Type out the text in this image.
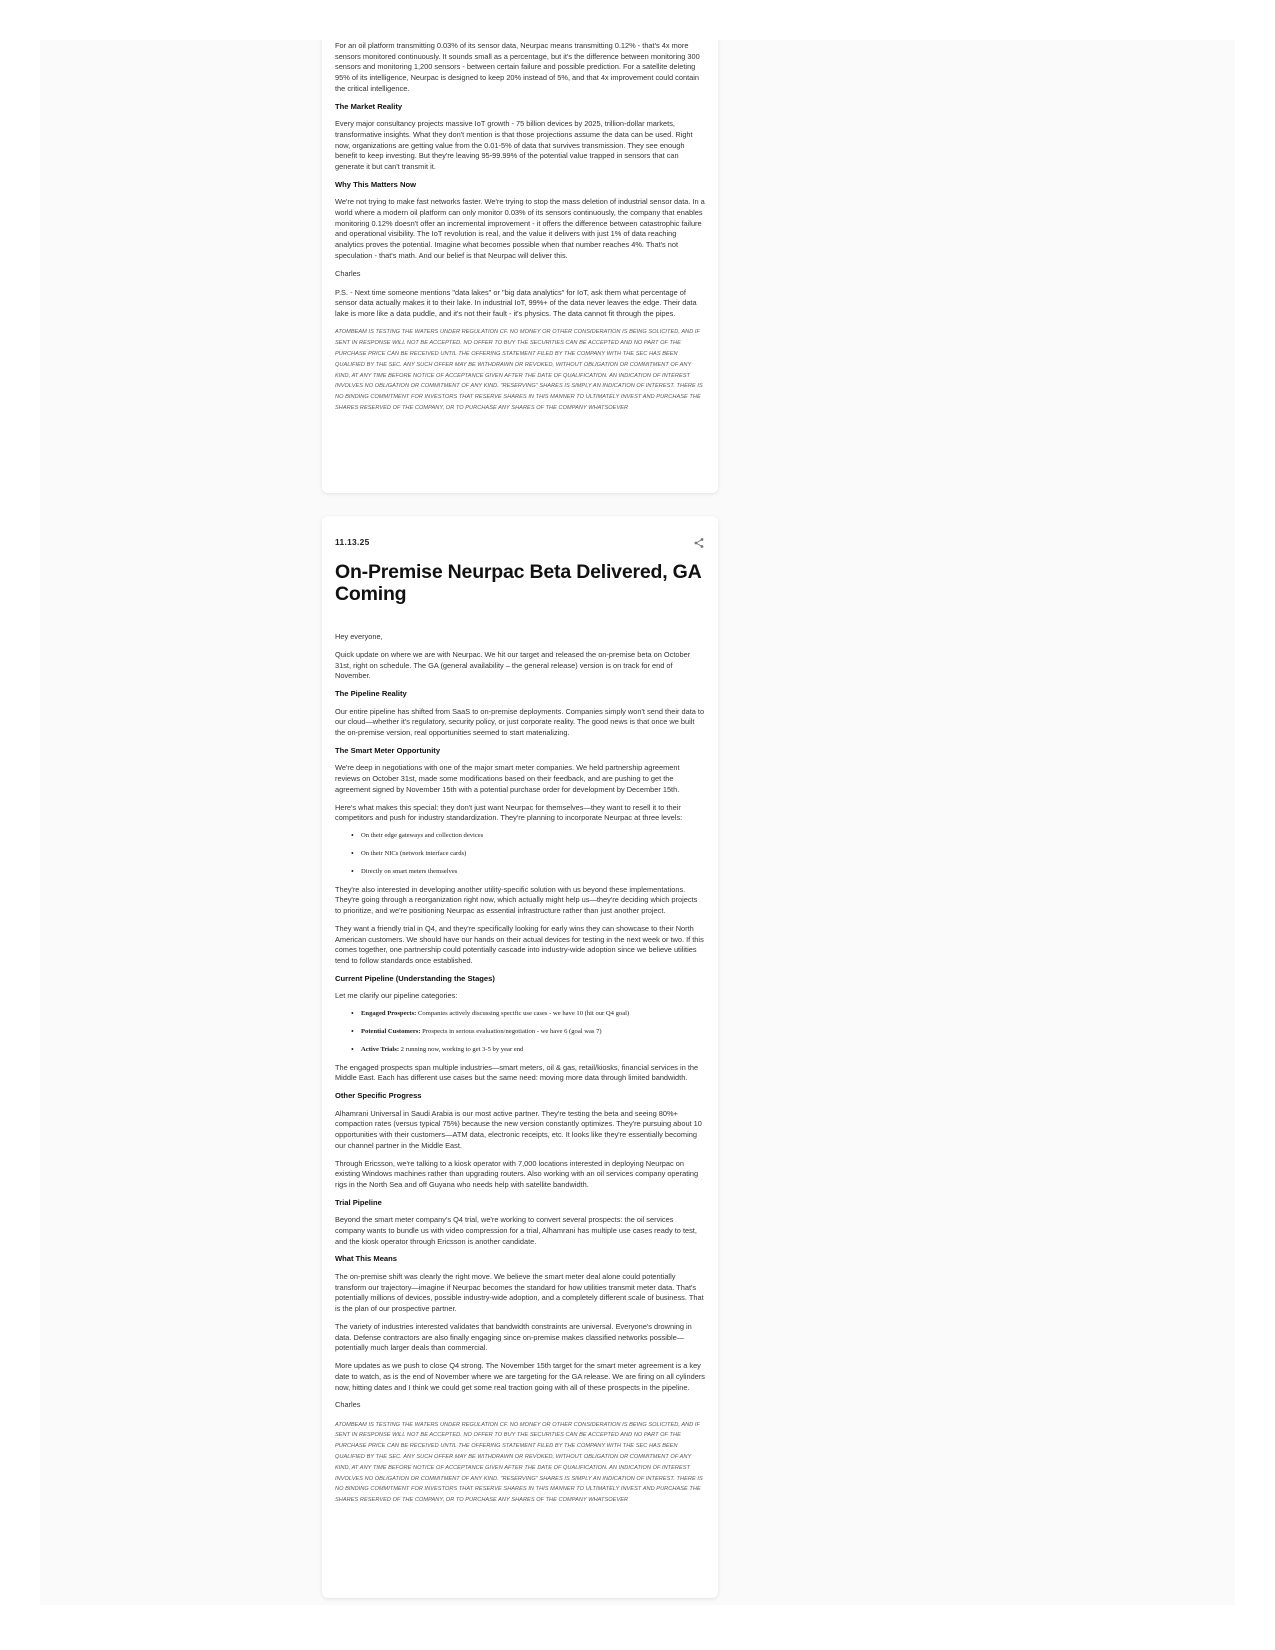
For an oil platform transmitting 0.03% of its sensor data, Neurpac means transmitting 0.12% - that's 4x more sensors monitored continuously. It sounds small as a percentage, but it's the difference between monitoring 300 sensors and monitoring 1,200 sensors - between certain failure and possible prediction. For a satellite deleting 95% of its intelligence, Neurpac is designed to keep 20% instead of 5%, and that 4x improvement could contain the critical intelligence.

The Market Reality

Every major consultancy projects massive IoT growth - 75 billion devices by 2025, trillion-dollar markets, transformative insights. What they don't mention is that those projections assume the data can be used. Right now, organizations are getting value from the 0.01-5% of data that survives transmission. They see enough benefit to keep investing. But they're leaving 95-99.99% of the potential value trapped in sensors that can generate it but can't transmit it.

Why This Matters Now

We're not trying to make fast networks faster. We're trying to stop the mass deletion of industrial sensor data. In a world where a modern oil platform can only monitor 0.03% of its sensors continuously, the company that enables monitoring 0.12% doesn't offer an incremental improvement - it offers the difference between catastrophic failure and operational visibility. The IoT revolution is real, and the value it delivers with just 1% of data reaching analytics proves the potential. Imagine what becomes possible when that number reaches 4%. That's not speculation - that's math. And our belief is that Neurpac will deliver this.

Charles

P.S. - Next time someone mentions "data lakes" or "big data analytics" for IoT, ask them what percentage of sensor data actually makes it to their lake. In industrial IoT, 99%+ of the data never leaves the edge. Their data lake is more like a data puddle, and it's not their fault - it's physics. The data cannot fit through the pipes.

ATOMBEAM IS TESTING THE WATERS UNDER REGULATION CF. NO MONEY OR OTHER CONSIDERATION IS BEING SOLICITED, AND IF SENT IN RESPONSE WILL NOT BE ACCEPTED. NO OFFER TO BUY THE SECURITIES CAN BE ACCEPTED AND NO PART OF THE PURCHASE PRICE CAN BE RECEIVED UNTIL THE OFFERING STATEMENT FILED BY THE COMPANY WITH THE SEC HAS BEEN QUALIFIED BY THE SEC. ANY SUCH OFFER MAY BE WITHDRAWN OR REVOKED, WITHOUT OBLIGATION OR COMMITMENT OF ANY KIND, AT ANY TIME BEFORE NOTICE OF ACCEPTANCE GIVEN AFTER THE DATE OF QUALIFICATION. AN INDICATION OF INTEREST INVOLVES NO OBLIGATION OR COMMITMENT OF ANY KIND. "RESERVING" SHARES IS SIMPLY AN INDICATION OF INTEREST. THERE IS NO BINDING COMMITMENT FOR INVESTORS THAT RESERVE SHARES IN THIS MANNER TO ULTIMATELY INVEST AND PURCHASE THE SHARES RESERVED OF THE COMPANY, OR TO PURCHASE ANY SHARES OF THE COMPANY WHATSOEVER
11.13.25
On-Premise Neurpac Beta Delivered, GA Coming

Hey everyone,

Quick update on where we are with Neurpac. We hit our target and released the on-premise beta on October 31st, right on schedule. The GA (general availability – the general release) version is on track for end of November.

The Pipeline Reality

Our entire pipeline has shifted from SaaS to on-premise deployments. Companies simply won't send their data to our cloud—whether it's regulatory, security policy, or just corporate reality. The good news is that once we built the on-premise version, real opportunities seemed to start materializing.

The Smart Meter Opportunity

We're deep in negotiations with one of the major smart meter companies. We held partnership agreement reviews on October 31st, made some modifications based on their feedback, and are pushing to get the agreement signed by November 15th with a potential purchase order for development by December 15th.

Here's what makes this special: they don't just want Neurpac for themselves—they want to resell it to their competitors and push for industry standardization. They're planning to incorporate Neurpac at three levels:

• On their edge gateways and collection devices
• On their NICs (network interface cards)
• Directly on smart meters themselves

They're also interested in developing another utility-specific solution with us beyond these implementations. They're going through a reorganization right now, which actually might help us—they're deciding which projects to prioritize, and we're positioning Neurpac as essential infrastructure rather than just another project.

They want a friendly trial in Q4, and they're specifically looking for early wins they can showcase to their North American customers. We should have our hands on their actual devices for testing in the next week or two. If this comes together, one partnership could potentially cascade into industry-wide adoption since we believe utilities tend to follow standards once established.

Current Pipeline (Understanding the Stages)

Let me clarify our pipeline categories:

• Engaged Prospects: Companies actively discussing specific use cases - we have 10 (hit our Q4 goal)
• Potential Customers: Prospects in serious evaluation/negotiation - we have 6 (goal was 7)
• Active Trials: 2 running now, working to get 3-5 by year end

The engaged prospects span multiple industries—smart meters, oil & gas, retail/kiosks, financial services in the Middle East. Each has different use cases but the same need: moving more data through limited bandwidth.

Other Specific Progress

Alhamrani Universal in Saudi Arabia is our most active partner. They're testing the beta and seeing 80%+ compaction rates (versus typical 75%) because the new version constantly optimizes. They're pursuing about 10 opportunities with their customers—ATM data, electronic receipts, etc. It looks like they're essentially becoming our channel partner in the Middle East.

Through Ericsson, we're talking to a kiosk operator with 7,000 locations interested in deploying Neurpac on existing Windows machines rather than upgrading routers. Also working with an oil services company operating rigs in the North Sea and off Guyana who needs help with satellite bandwidth.

Trial Pipeline

Beyond the smart meter company's Q4 trial, we're working to convert several prospects: the oil services company wants to bundle us with video compression for a trial, Alhamrani has multiple use cases ready to test, and the kiosk operator through Ericsson is another candidate.

What This Means

The on-premise shift was clearly the right move. We believe the smart meter deal alone could potentially transform our trajectory—imagine if Neurpac becomes the standard for how utilities transmit meter data. That's potentially millions of devices, possible industry-wide adoption, and a completely different scale of business. That is the plan of our prospective partner.

The variety of industries interested validates that bandwidth constraints are universal. Everyone's drowning in data. Defense contractors are also finally engaging since on-premise makes classified networks possible—potentially much larger deals than commercial.

More updates as we push to close Q4 strong. The November 15th target for the smart meter agreement is a key date to watch, as is the end of November where we are targeting for the GA release. We are firing on all cylinders now, hitting dates and I think we could get some real traction going with all of these prospects in the pipeline.

Charles

ATOMBEAM IS TESTING THE WATERS UNDER REGULATION CF. NO MONEY OR OTHER CONSIDERATION IS BEING SOLICITED, AND IF SENT IN RESPONSE WILL NOT BE ACCEPTED. NO OFFER TO BUY THE SECURITIES CAN BE ACCEPTED AND NO PART OF THE PURCHASE PRICE CAN BE RECEIVED UNTIL THE OFFERING STATEMENT FILED BY THE COMPANY WITH THE SEC HAS BEEN QUALIFIED BY THE SEC. ANY SUCH OFFER MAY BE WITHDRAWN OR REVOKED, WITHOUT OBLIGATION OR COMMITMENT OF ANY KIND, AT ANY TIME BEFORE NOTICE OF ACCEPTANCE GIVEN AFTER THE DATE OF QUALIFICATION. AN INDICATION OF INTEREST INVOLVES NO OBLIGATION OR COMMITMENT OF ANY KIND. "RESERVING" SHARES IS SIMPLY AN INDICATION OF INTEREST. THERE IS NO BINDING COMMITMENT FOR INVESTORS THAT RESERVE SHARES IN THIS MANNER TO ULTIMATELY INVEST AND PURCHASE THE SHARES RESERVED OF THE COMPANY, OR TO PURCHASE ANY SHARES OF THE COMPANY WHATSOEVER
